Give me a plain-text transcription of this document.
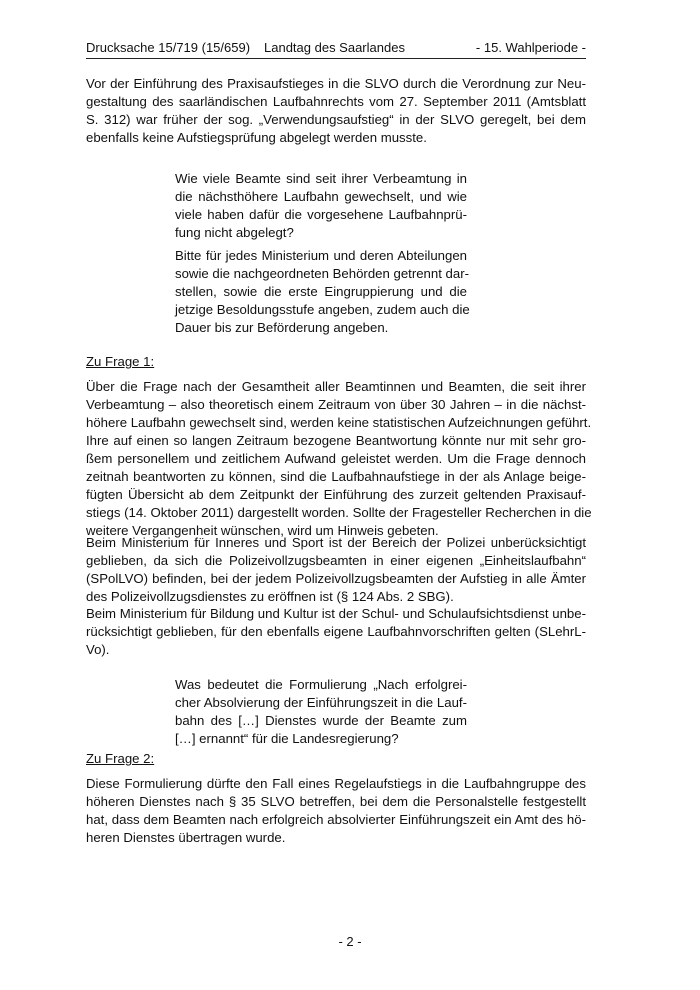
Drucksache 15/719 (15/659) Landtag des Saarlandes	- 15. Wahlperiode -

Vor der Einführung des Praxisaufstieges in die SLVO durch die Verordnung zur Neu-
gestaltung des saarländischen Laufbahnrechts vom 27. September 2011 (Amtsblatt
S. 312) war früher der sog. „Verwendungsaufstieg“ in der SLVO geregelt, bei dem
ebenfalls keine Aufstiegsprüfung abgelegt werden musste.

Wie viele Beamte sind seit ihrer Verbeamtung in
die nächsthöhere Laufbahn gewechselt, und wie
viele haben dafür die vorgesehene Laufbahnprü-
fung nicht abgelegt?

Bitte für jedes Ministerium und deren Abteilungen
sowie die nachgeordneten Behörden getrennt dar-
stellen, sowie die erste Eingruppierung und die
jetzige Besoldungsstufe angeben, zudem auch die
Dauer bis zur Beförderung angeben.

Zu Frage 1:

Über die Frage nach der Gesamtheit aller Beamtinnen und Beamten, die seit ihrer
Verbeamtung – also theoretisch einem Zeitraum von über 30 Jahren – in die nächst-
höhere Laufbahn gewechselt sind, werden keine statistischen Aufzeichnungen geführt.
Ihre auf einen so langen Zeitraum bezogene Beantwortung könnte nur mit sehr gro-
ßem personellem und zeitlichem Aufwand geleistet werden. Um die Frage dennoch
zeitnah beantworten zu können, sind die Laufbahnaufstiege in der als Anlage beige-
fügten Übersicht ab dem Zeitpunkt der Einführung des zurzeit geltenden Praxisauf-
stiegs (14. Oktober 2011) dargestellt worden. Sollte der Fragesteller Recherchen in die
weitere Vergangenheit wünschen, wird um Hinweis gebeten.

Beim Ministerium für Inneres und Sport ist der Bereich der Polizei unberücksichtigt
geblieben, da sich die Polizeivollzugsbeamten in einer eigenen „Einheitslaufbahn“
(SPolLVO) befinden, bei der jedem Polizeivollzugsbeamten der Aufstieg in alle Ämter
des Polizeivollzugsdienstes zu eröffnen ist (§ 124 Abs. 2 SBG).

Beim Ministerium für Bildung und Kultur ist der Schul- und Schulaufsichtsdienst unbe-
rücksichtigt geblieben, für den ebenfalls eigene Laufbahnvorschriften gelten (SLehrL-
Vo).

Was bedeutet die Formulierung „Nach erfolgrei-
cher Absolvierung der Einführungszeit in die Lauf-
bahn des […] Dienstes wurde der Beamte zum
[…] ernannt“ für die Landesregierung?

Zu Frage 2:

Diese Formulierung dürfte den Fall eines Regelaufstiegs in die Laufbahngruppe des
höheren Dienstes nach § 35 SLVO betreffen, bei dem die Personalstelle festgestellt
hat, dass dem Beamten nach erfolgreich absolvierter Einführungszeit ein Amt des hö-
heren Dienstes übertragen wurde.

- 2 -
